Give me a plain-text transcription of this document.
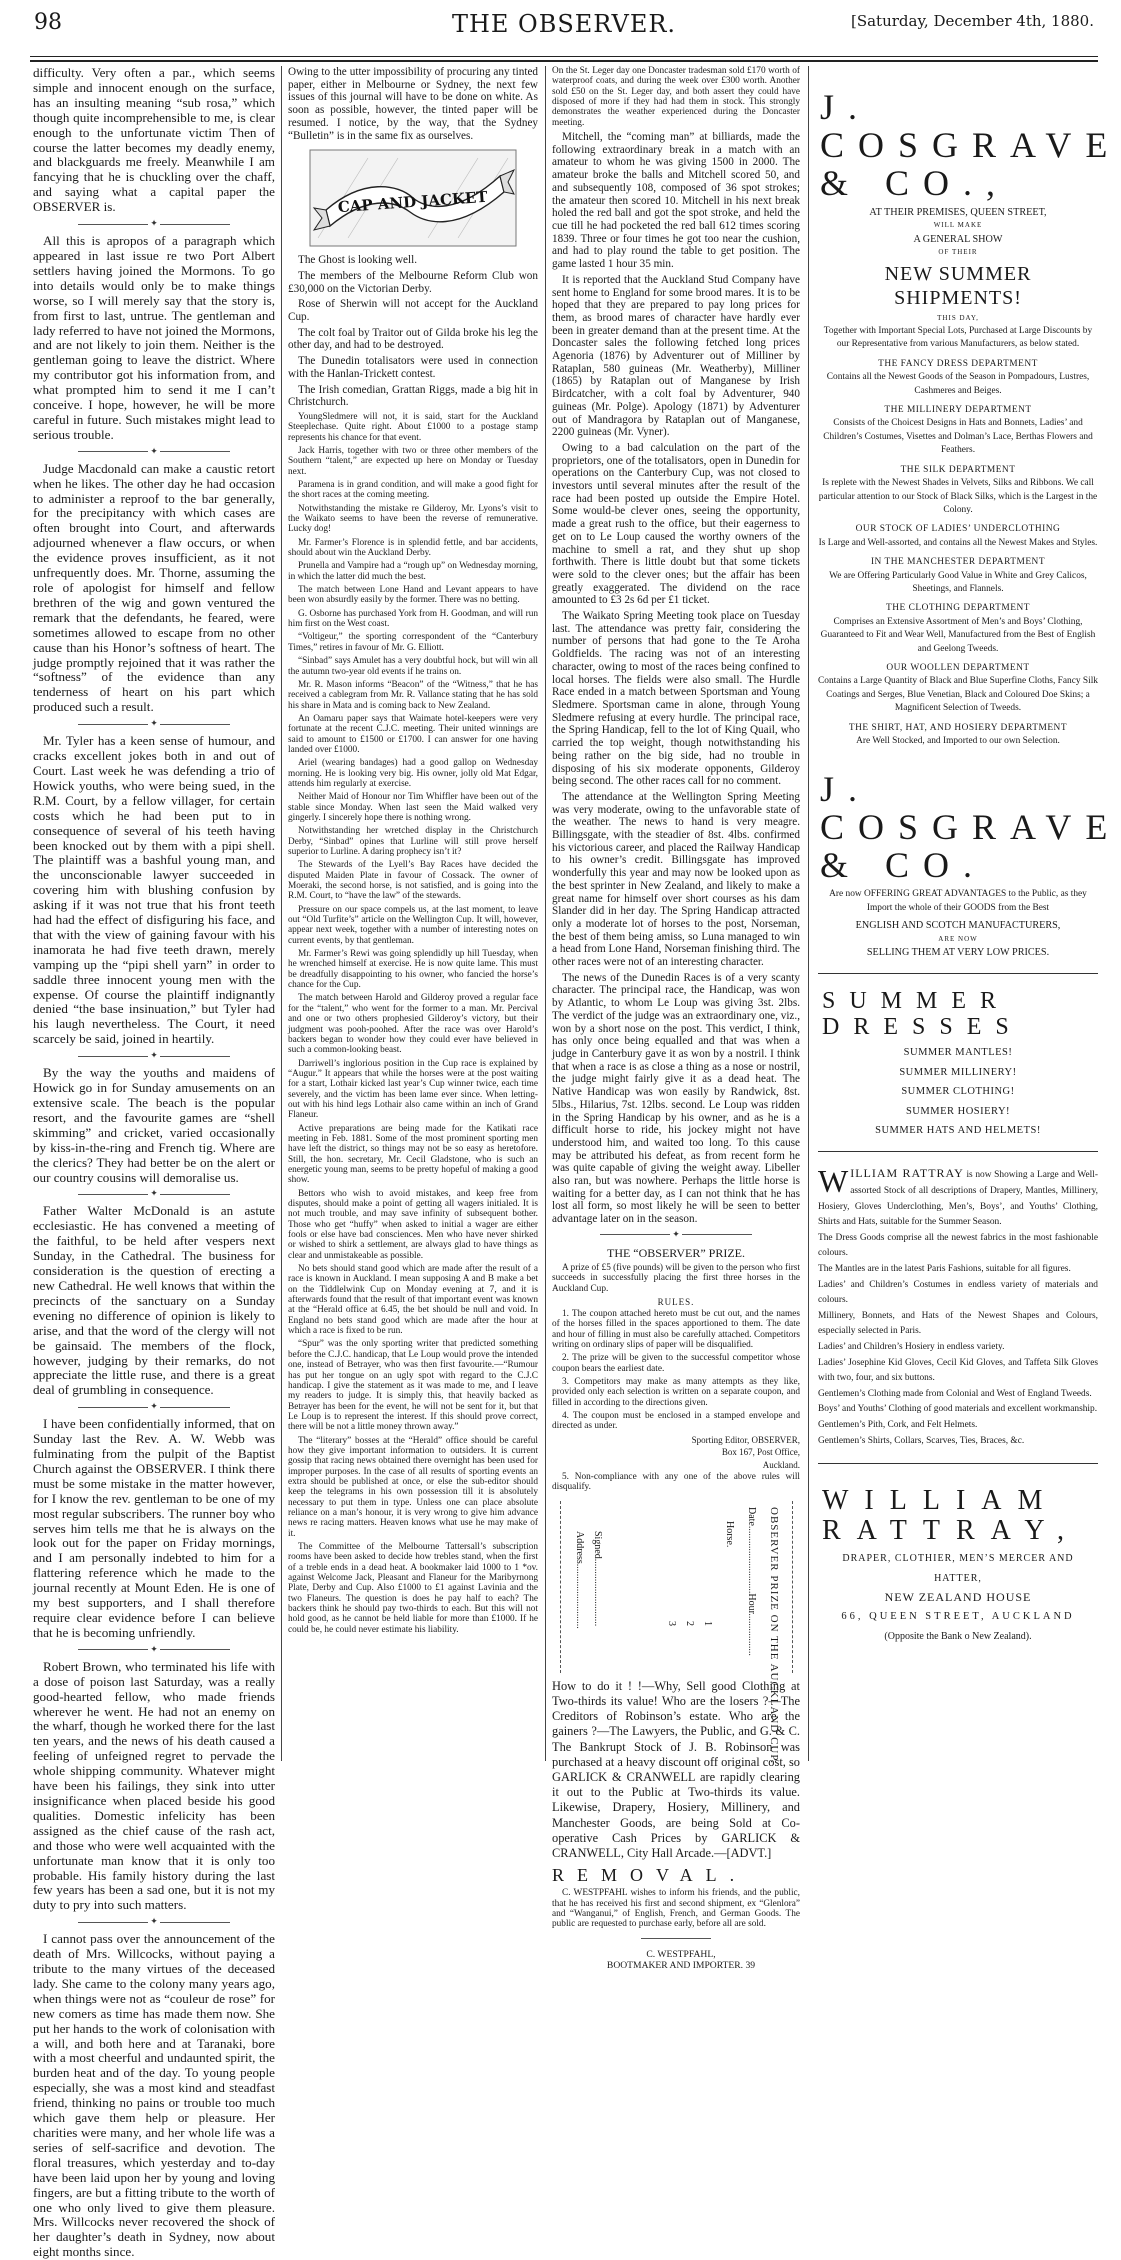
98	THE OBSERVER.	[Saturday, December 4th, 1880.

difficulty. Very often a par., which seems simple and innocent enough on the surface, has an insulting meaning “sub rosa,” which though quite incomprehensible to me, is clear enough to the unfortunate victim Then of course the latter becomes my deadly enemy, and blackguards me freely. Meanwhile I am fancying that he is chuckling over the chaff, and saying what a capital paper the OBSERVER is.

✦

All this is apropos of a paragraph which appeared in last issue re two Port Albert settlers having joined the Mormons. To go into details would only be to make things worse, so I will merely say that the story is, from first to last, untrue. The gentleman and lady referred to have not joined the Mormons, and are not likely to join them. Neither is the gentleman going to leave the district. Where my contributor got his information from, and what prompted him to send it me I can’t conceive. I hope, however, he will be more careful in future. Such mistakes might lead to serious trouble.

✦

Judge Macdonald can make a caustic retort when he likes. The other day he had occasion to administer a reproof to the bar generally, for the precipitancy with which cases are often brought into Court, and afterwards adjourned whenever a flaw occurs, or when the evidence proves insufficient, as it not unfrequently does. Mr. Thorne, assuming the role of apologist for himself and fellow brethren of the wig and gown ventured the remark that the defendants, he feared, were sometimes allowed to escape from no other cause than his Honor’s softness of heart. The judge promptly rejoined that it was rather the “softness” of the evidence than any tenderness of heart on his part which produced such a result.

✦

Mr. Tyler has a keen sense of humour, and cracks excellent jokes both in and out of Court. Last week he was defending a trio of Howick youths, who were being sued, in the R.M. Court, by a fellow villager, for certain costs which he had been put to in consequence of several of his teeth having been knocked out by them with a pipi shell. The plaintiff was a bashful young man, and the unconscionable lawyer succeeded in covering him with blushing confusion by asking if it was not true that his front teeth had had the effect of disfiguring his face, and that with the view of gaining favour with his inamorata he had five teeth drawn, merely vamping up the “pipi shell yarn” in order to saddle three innocent young men with the expense. Of course the plaintiff indignantly denied “the base insinuation,” but Tyler had his laugh nevertheless. The Court, it need scarcely be said, joined in heartily.

✦

By the way the youths and maidens of Howick go in for Sunday amusements on an extensive scale. The beach is the popular resort, and the favourite games are “shell skimming” and cricket, varied occasionally by kiss-in-the-ring and French tig. Where are the clerics? They had better be on the alert or our country cousins will demoralise us.

✦

Father Walter McDonald is an astute ecclesiastic. He has convened a meeting of the faithful, to be held after vespers next Sunday, in the Cathedral. The business for consideration is the question of erecting a new Cathedral. He well knows that within the precincts of the sanctuary on a Sunday evening no difference of opinion is likely to arise, and that the word of the clergy will not be gainsaid. The members of the flock, however, judging by their remarks, do not appreciate the little ruse, and there is a great deal of grumbling in consequence.

✦

I have been confidentially informed, that on Sunday last the Rev. A. W. Webb was fulminating from the pulpit of the Baptist Church against the OBSERVER. I think there must be some mistake in the matter however, for I know the rev. gentleman to be one of my most regular subscribers. The runner boy who serves him tells me that he is always on the look out for the paper on Friday mornings, and I am personally indebted to him for a flattering reference which he made to the journal recently at Mount Eden. He is one of my best supporters, and I shall therefore require clear evidence before I can believe that he is becoming unfriendly.

✦

Robert Brown, who terminated his life with a dose of poison last Saturday, was a really good-hearted fellow, who made friends wherever he went. He had not an enemy on the wharf, though he worked there for the last ten years, and the news of his death caused a feeling of unfeigned regret to pervade the whole shipping community. Whatever might have been his failings, they sink into utter insignificance when placed beside his good qualities. Domestic infelicity has been assigned as the chief cause of the rash act, and those who were well acquainted with the unfortunate man know that it is only too probable. His family history during the last few years has been a sad one, but it is not my duty to pry into such matters.

✦

I cannot pass over the announcement of the death of Mrs. Willcocks, without paying a tribute to the many virtues of the deceased lady. She came to the colony many years ago, when things were not as “couleur de rose” for new comers as time has made them now. She put her hands to the work of colonisation with a will, and both here and at Taranaki, bore with a most cheerful and undaunted spirit, the burden heat and of the day. To young people especially, she was a most kind and steadfast friend, thinking no pains or trouble too much which gave them help or pleasure. Her charities were many, and her whole life was a series of self-sacrifice and devotion. The floral treasures, which yesterday and to-day have been laid upon her by young and loving fingers, are but a fitting tribute to the worth of one who only lived to give them pleasure. Mrs. Willcocks never recovered the shock of her daughter’s death in Sydney, now about eight months since.

Owing to the utter impossibility of procuring any tinted paper, either in Melbourne or Sydney, the next few issues of this journal will have to be done on white. As soon as possible, however, the tinted paper will be resumed. I notice, by the way, that the Sydney “Bulletin” is in the same fix as ourselves.

CAP AND JACKET

The Ghost is looking well.

The members of the Melbourne Reform Club won £30,000 on the Victorian Derby.

Rose of Sherwin will not accept for the Auckland Cup.

The colt foal by Traitor out of Gilda broke his leg the other day, and had to be destroyed.

The Dunedin totalisators were used in connection with the Hanlan-Trickett contest.

The Irish comedian, Grattan Riggs, made a big hit in Christchurch.

YoungSledmere will not, it is said, start for the Auckland Steeplechase. Quite right. About £1000 to a postage stamp represents his chance for that event.

Jack Harris, together with two or three other members of the Southern “talent,” are expected up here on Monday or Tuesday next.

Paramena is in grand condition, and will make a good fight for the short races at the coming meeting.

Notwithstanding the mistake re Gilderoy, Mr. Lyons’s visit to the Waikato seems to have been the reverse of remunerative. Lucky dog!

Mr. Farmer’s Florence is in splendid fettle, and bar accidents, should about win the Auckland Derby.

Prunella and Vampire had a “rough up” on Wednesday morning, in which the latter did much the best.

The match between Lone Hand and Levant appears to have been won absurdly easily by the former. There was no betting.

G. Osborne has purchased York from H. Goodman, and will run him first on the West coast.

“Voltigeur,” the sporting correspondent of the “Canterbury Times,” retires in favour of Mr. G. Elliott.

“Sinbad” says Amulet has a very doubtful hock, but will win all the autumn two-year old events if he trains on.

Mr. R. Mason informs “Beacon” of the “Witness,” that he has received a cablegram from Mr. R. Vallance stating that he has sold his share in Mata and is coming back to New Zealand.

An Oamaru paper says that Waimate hotel-keepers were very fortunate at the recent C.J.C. meeting. Their united winnings are said to amount to £1500 or £1700. I can answer for one having landed over £1000.

Ariel (wearing bandages) had a good gallop on Wednesday morning. He is looking very big. His owner, jolly old Mat Edgar, attends him regularly at exercise.

Neither Maid of Honour nor Tim Whiffler have been out of the stable since Monday. When last seen the Maid walked very gingerly. I sincerely hope there is nothing wrong.

Notwithstanding her wretched display in the Christchurch Derby, “Sinbad” opines that Lurline will still prove herself superior to Lurline. A daring prophecy isn’t it?

The Stewards of the Lyell’s Bay Races have decided the disputed Maiden Plate in favour of Cossack. The owner of Moeraki, the second horse, is not satisfied, and is going into the R.M. Court, to “have the law” of the stewards.

Pressure on our space compels us, at the last moment, to leave out “Old Turfite’s” article on the Wellington Cup. It will, however, appear next week, together with a number of interesting notes on current events, by that gentleman.

Mr. Farmer’s Rewi was going splendidly up hill Tuesday, when he wrenched himself at exercise. He is now quite lame. This must be dreadfully disappointing to his owner, who fancied the horse’s chance for the Cup.

The match between Harold and Gilderoy proved a regular face for the “talent,” who went for the former to a man. Mr. Percival and one or two others prophesied Gilderoy’s victory, but their judgment was pooh-poohed. After the race was over Harold’s backers began to wonder how they could ever have believed in such a common-looking beast.

Darriwell’s inglorious position in the Cup race is explained by “Augur.” It appears that while the horses were at the post waiting for a start, Lothair kicked last year’s Cup winner twice, each time severely, and the victim has been lame ever since. When letting-out with his hind legs Lothair also came within an inch of Grand Flaneur.

Active preparations are being made for the Katikati race meeting in Feb. 1881. Some of the most prominent sporting men have left the district, so things may not be so easy as heretofore. Still, the hon. secretary, Mr. Cecil Gladstone, who is such an energetic young man, seems to be pretty hopeful of making a good show.

Bettors who wish to avoid mistakes, and keep free from disputes, should make a point of getting all wagers initialed. It is not much trouble, and may save infinity of subsequent bother. Those who get “huffy” when asked to initial a wager are either fools or else have bad consciences. Men who have never shirked or wished to shirk a settlement, are always glad to have things as clear and unmistakeable as possible.

No bets should stand good which are made after the result of a race is known in Auckland. I mean supposing A and B make a bet on the Tiddlelwink Cup on Monday evening at 7, and it is afterwards found that the result of that important event was known at the “Herald office at 6.45, the bet should be null and void. In England no bets stand good which are made after the hour at which a race is fixed to be run.

“Spur” was the only sporting writer that predicted something before the C.J.C. handicap, that Le Loup would prove the intended one, instead of Betrayer, who was then first favourite.—“Rumour has put her tongue on an ugly spot with regard to the C.J.C handicap. I give the statement as it was made to me, and I leave my readers to judge. It is simply this, that heavily backed as Betrayer has been for the event, he will not be sent for it, but that Le Loup is to represent the interest. If this should prove correct, there will be not a little money thrown away.”

The “literary” bosses at the “Herald” office should be careful how they give important information to outsiders. It is current gossip that racing news obtained there overnight has been used for improper purposes. In the case of all results of sporting events an extra should be published at once, or else the sub-editor should keep the telegrams in his own possession till it is absolutely necessary to put them in type. Unless one can place absolute reliance on a man’s honour, it is very wrong to give him advance news re racing matters. Heaven knows what use he may make of it.

The Committee of the Melbourne Tattersall’s subscription rooms have been asked to decide how trebles stand, when the first of a treble ends in a dead heat. A bookmaker laid 1000 to 1 *ov. against Welcome Jack, Pleasant and Flaneur for the Maribyrnong Plate, Derby and Cup. Also £1000 to £1 against Lavinia and the two Flaneurs. The question is does he pay half to each? The backers think he should pay two-thirds to each. But this will not hold good, as he cannot be held liable for more than £1000. If he could be, he could never estimate his liability.

On the St. Leger day one Doncaster tradesman sold £170 worth of waterproof coats, and during the week over £300 worth. Another sold £50 on the St. Leger day, and both assert they could have disposed of more if they had had them in stock. This strongly demonstrates the weather experienced during the Doncaster meeting.

Mitchell, the “coming man” at billiards, made the following extraordinary break in a match with an amateur to whom he was giving 1500 in 2000. The amateur broke the balls and Mitchell scored 50, and and subsequently 108, composed of 36 spot strokes; the amateur then scored 10. Mitchell in his next break holed the red ball and got the spot stroke, and held the cue till he had pocketed the red ball 612 times scoring 1839. Three or four times he got too near the cushion, and had to play round the table to get position. The game lasted 1 hour 35 min.

It is reported that the Auckland Stud Company have sent home to England for some brood mares. It is to be hoped that they are prepared to pay long prices for them, as brood mares of character have hardly ever been in greater demand than at the present time. At the Doncaster sales the following fetched long prices Agenoria (1876) by Adventurer out of Milliner by Rataplan, 580 guineas (Mr. Weatherby), Milliner (1865) by Rataplan out of Manganese by Irish Birdcatcher, with a colt foal by Adventurer, 940 guineas (Mr. Polge). Apology (1871) by Adventurer out of Mandragora by Rataplan out of Manganese, 2200 guineas (Mr. Vyner).

Owing to a bad calculation on the part of the proprietors, one of the totalisators, open in Dunedin for operations on the Canterbury Cup, was not closed to investors until several minutes after the result of the race had been posted up outside the Empire Hotel. Some would-be clever ones, seeing the opportunity, made a great rush to the office, but their eagerness to get on to Le Loup caused the worthy owners of the machine to smell a rat, and they shut up shop forthwith. There is little doubt but that some tickets were sold to the clever ones; but the affair has been greatly exaggerated. The dividend on the race amounted to £3 2s 6d per £1 ticket.

The Waikato Spring Meeting took place on Tuesday last. The attendance was pretty fair, considering the number of persons that had gone to the Te Aroha Goldfields. The racing was not of an interesting character, owing to most of the races being confined to local horses. The fields were also small. The Hurdle Race ended in a match between Sportsman and Young Sledmere. Sportsman came in alone, through Young Sledmere refusing at every hurdle. The principal race, the Spring Handicap, fell to the lot of King Quail, who carried the top weight, though notwithstanding his being rather on the big side, had no trouble in disposing of his six moderate opponents, Gilderoy being second. The other races call for no comment.

The attendance at the Wellington Spring Meeting was very moderate, owing to the unfavorable state of the weather. The news to hand is very meagre. Billingsgate, with the steadier of 8st. 4lbs. confirmed his victorious career, and placed the Railway Handicap to his owner’s credit. Billingsgate has improved wonderfully this year and may now be looked upon as the best sprinter in New Zealand, and likely to make a great name for himself over short courses as his dam Slander did in her day. The Spring Handicap attracted only a moderate lot of horses to the post, Norseman, the best of them being amiss, so Luna managed to win a head from Lone Hand, Norseman finishing third. The other races were not of an interesting character.

The news of the Dunedin Races is of a very scanty character. The principal race, the Handicap, was won by Atlantic, to whom Le Loup was giving 3st. 2lbs. The verdict of the judge was an extraordinary one, viz., won by a short nose on the post. This verdict, I think, has only once being equalled and that was when a judge in Canterbury gave it as won by a nostril. I think that when a race is as close a thing as a nose or nostril, the judge might fairly give it as a dead heat. The Native Handicap was won easily by Randwick, 8st. 5lbs., Hilarius, 7st. 12lbs. second. Le Loup was ridden in the Spring Handicap by his owner, and as he is a difficult horse to ride, his jockey might not have understood him, and waited too long. To this cause may be attributed his defeat, as from recent form he was quite capable of giving the weight away. Libeller also ran, but was nowhere. Perhaps the little horse is waiting for a better day, as I can not think that he has lost all form, so most likely he will be seen to better advantage later on in the season.

✦
THE “OBSERVER” PRIZE.

A prize of £5 (five pounds) will be given to the person who first succeeds in successfully placing the first three horses in the Auckland Cup.

RULES.

1. The coupon attached hereto must be cut out, and the names of the horses filled in the spaces apportioned to them. The date and hour of filling in must also be carefully attached. Competitors writing on ordinary slips of paper will be disqualified.

2. The prize will be given to the successful competitor whose coupon bears the earliest date.

3. Competitors may make as many attempts as they like, provided only each selection is written on a separate coupon, and filled in according to the directions given.

4. The coupon must be enclosed in a stamped envelope and directed as under.

Sporting Editor, OBSERVER,
Box 167, Post Office,
Auckland.

5. Non-compliance with any one of the above rules will disqualify.

OBSERVER PRIZE ON THE AUCKLAND CUP.
Date...........................Hour.................
Horse.
1
2
3
Signed...........................
Address..........................

How to do it ! !—Why, Sell good Clothing at Two-thirds its value! Who are the losers ?—The Creditors of Robinson’s estate. Who are the gainers ?—The Lawyers, the Public, and G. & C. The Bankrupt Stock of J. B. Robinson was purchased at a heavy discount off original cost, so GARLICK & CRANWELL are rapidly clearing it out to the Public at Two-thirds its value. Likewise, Drapery, Hosiery, Millinery, and Manchester Goods, are being Sold at Co-operative Cash Prices by GARLICK & CRANWELL, City Hall Arcade.—[ADVT.]

REMOVAL.

C. WESTPFAHL wishes to inform his friends, and the public, that he has received his first and second shipment, ex “Glenlora” and “Wanganui,” of English, French, and German Goods. The public are requested to purchase early, before all are sold.

C. WESTPFAHL,

BOOTMAKER AND IMPORTER. 39

J. COSGRAVE & CO.,
AT THEIR PREMISES, QUEEN STREET,
WILL MAKE
A GENERAL SHOW
OF THEIR
NEW SUMMER SHIPMENTS!
THIS DAY,
Together with Important Special Lots, Purchased at Large Discounts by our Representative from various Manufacturers, as below stated.
THE FANCY DRESS DEPARTMENT
Contains all the Newest Goods of the Season in Pompadours, Lustres, Cashmeres and Beiges.
THE MILLINERY DEPARTMENT
Consists of the Choicest Designs in Hats and Bonnets, Ladies’ and Children’s Costumes, Visettes and Dolman’s Lace, Berthas Flowers and Feathers.
THE SILK DEPARTMENT
Is replete with the Newest Shades in Velvets, Silks and Ribbons. We call particular attention to our Stock of Black Silks, which is the Largest in the Colony.
OUR STOCK OF LADIES’ UNDERCLOTHING
Is Large and Well-assorted, and contains all the Newest Makes and Styles.
IN THE MANCHESTER DEPARTMENT
We are Offering Particularly Good Value in White and Grey Calicos, Sheetings, and Flannels.
THE CLOTHING DEPARTMENT
Comprises an Extensive Assortment of Men’s and Boys’ Clothing, Guaranteed to Fit and Wear Well, Manufactured from the Best of English and Geelong Tweeds.
OUR WOOLLEN DEPARTMENT
Contains a Large Quantity of Black and Blue Superfine Cloths, Fancy Silk Coatings and Serges, Blue Venetian, Black and Coloured Doe Skins; a Magnificent Selection of Tweeds.
THE SHIRT, HAT, AND HOSIERY DEPARTMENT
Are Well Stocked, and Imported to our own Selection.
J. COSGRAVE & CO.
Are now OFFERING GREAT ADVANTAGES to the Public, as they Import the whole of their GOODS from the Best
ENGLISH AND SCOTCH MANUFACTURERS,
ARE NOW
SELLING THEM AT VERY LOW PRICES.
SUMMER DRESSES
SUMMER MANTLES!
SUMMER MILLINERY!
SUMMER CLOTHING!
SUMMER HOSIERY!
SUMMER HATS AND HELMETS!

WILLIAM RATTRAY is now Showing a Large and Well-assorted Stock of all descriptions of Drapery, Mantles, Millinery, Hosiery, Gloves Underclothing, Men’s, Boys’, and Youths’ Clothing, Shirts and Hats, suitable for the Summer Season.

The Dress Goods comprise all the newest fabrics in the most fashionable colours.

The Mantles are in the latest Paris Fashions, suitable for all figures.

Ladies’ and Children’s Costumes in endless variety of materials and colours.

Millinery, Bonnets, and Hats of the Newest Shapes and Colours, especially selected in Paris.

Ladies’ and Children’s Hosiery in endless variety.

Ladies’ Josephine Kid Gloves, Cecil Kid Gloves, and Taffeta Silk Gloves with two, four, and six buttons.

Gentlemen’s Clothing made from Colonial and West of England Tweeds.

Boys’ and Youths’ Clothing of good materials and excellent workmanship.

Gentlemen’s Pith, Cork, and Felt Helmets.

Gentlemen’s Shirts, Collars, Scarves, Ties, Braces, &c.

WILLIAM RATTRAY,
DRAPER, CLOTHIER, MEN’S MERCER AND
HATTER,
NEW ZEALAND HOUSE
66, QUEEN STREET, AUCKLAND
(Opposite the Bank o New Zealand).
